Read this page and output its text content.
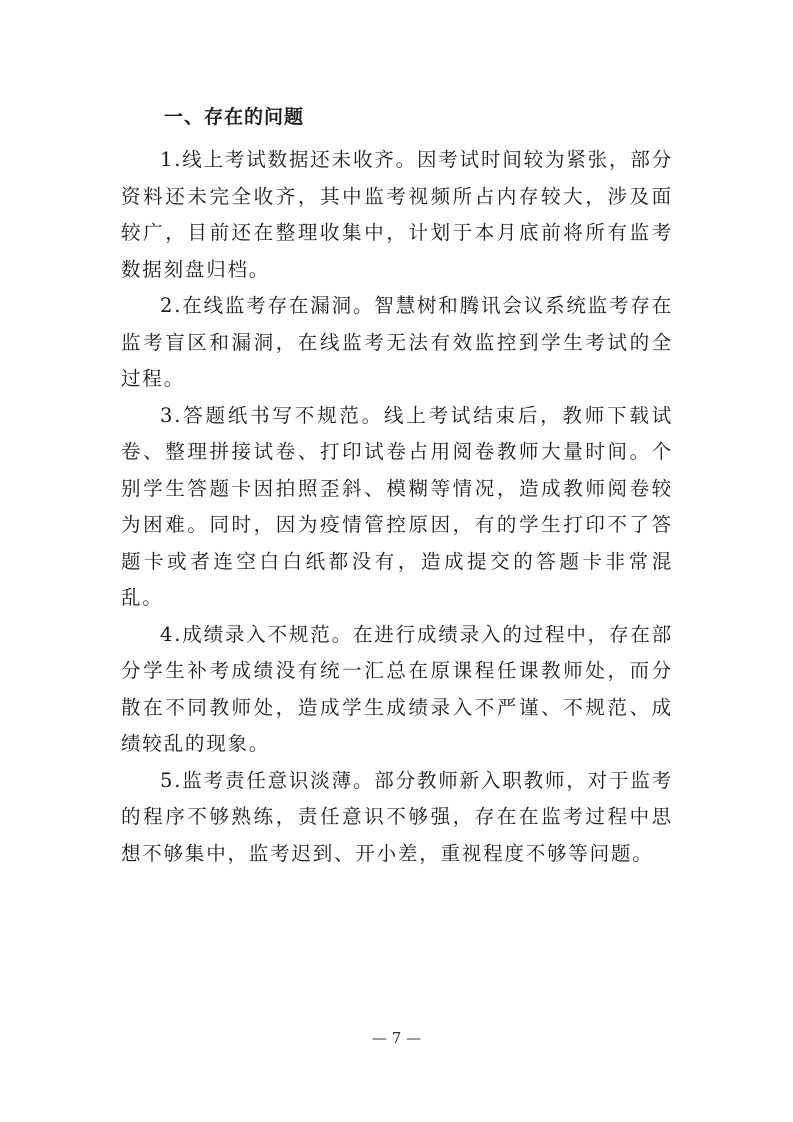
一、存在的问题

1.线上考试数据还未收齐。因考试时间较为紧张，部分资料还未完全收齐，其中监考视频所占内存较大，涉及面较广，目前还在整理收集中，计划于本月底前将所有监考数据刻盘归档。

2.在线监考存在漏洞。智慧树和腾讯会议系统监考存在监考盲区和漏洞，在线监考无法有效监控到学生考试的全过程。

3.答题纸书写不规范。线上考试结束后，教师下载试卷、整理拼接试卷、打印试卷占用阅卷教师大量时间。个别学生答题卡因拍照歪斜、模糊等情况，造成教师阅卷较为困难。同时，因为疫情管控原因，有的学生打印不了答题卡或者连空白白纸都没有，造成提交的答题卡非常混乱。

4.成绩录入不规范。在进行成绩录入的过程中，存在部分学生补考成绩没有统一汇总在原课程任课教师处，而分散在不同教师处，造成学生成绩录入不严谨、不规范、成绩较乱的现象。

5.监考责任意识淡薄。部分教师新入职教师，对于监考的程序不够熟练，责任意识不够强，存在在监考过程中思想不够集中，监考迟到、开小差，重视程度不够等问题。

— 7 —
